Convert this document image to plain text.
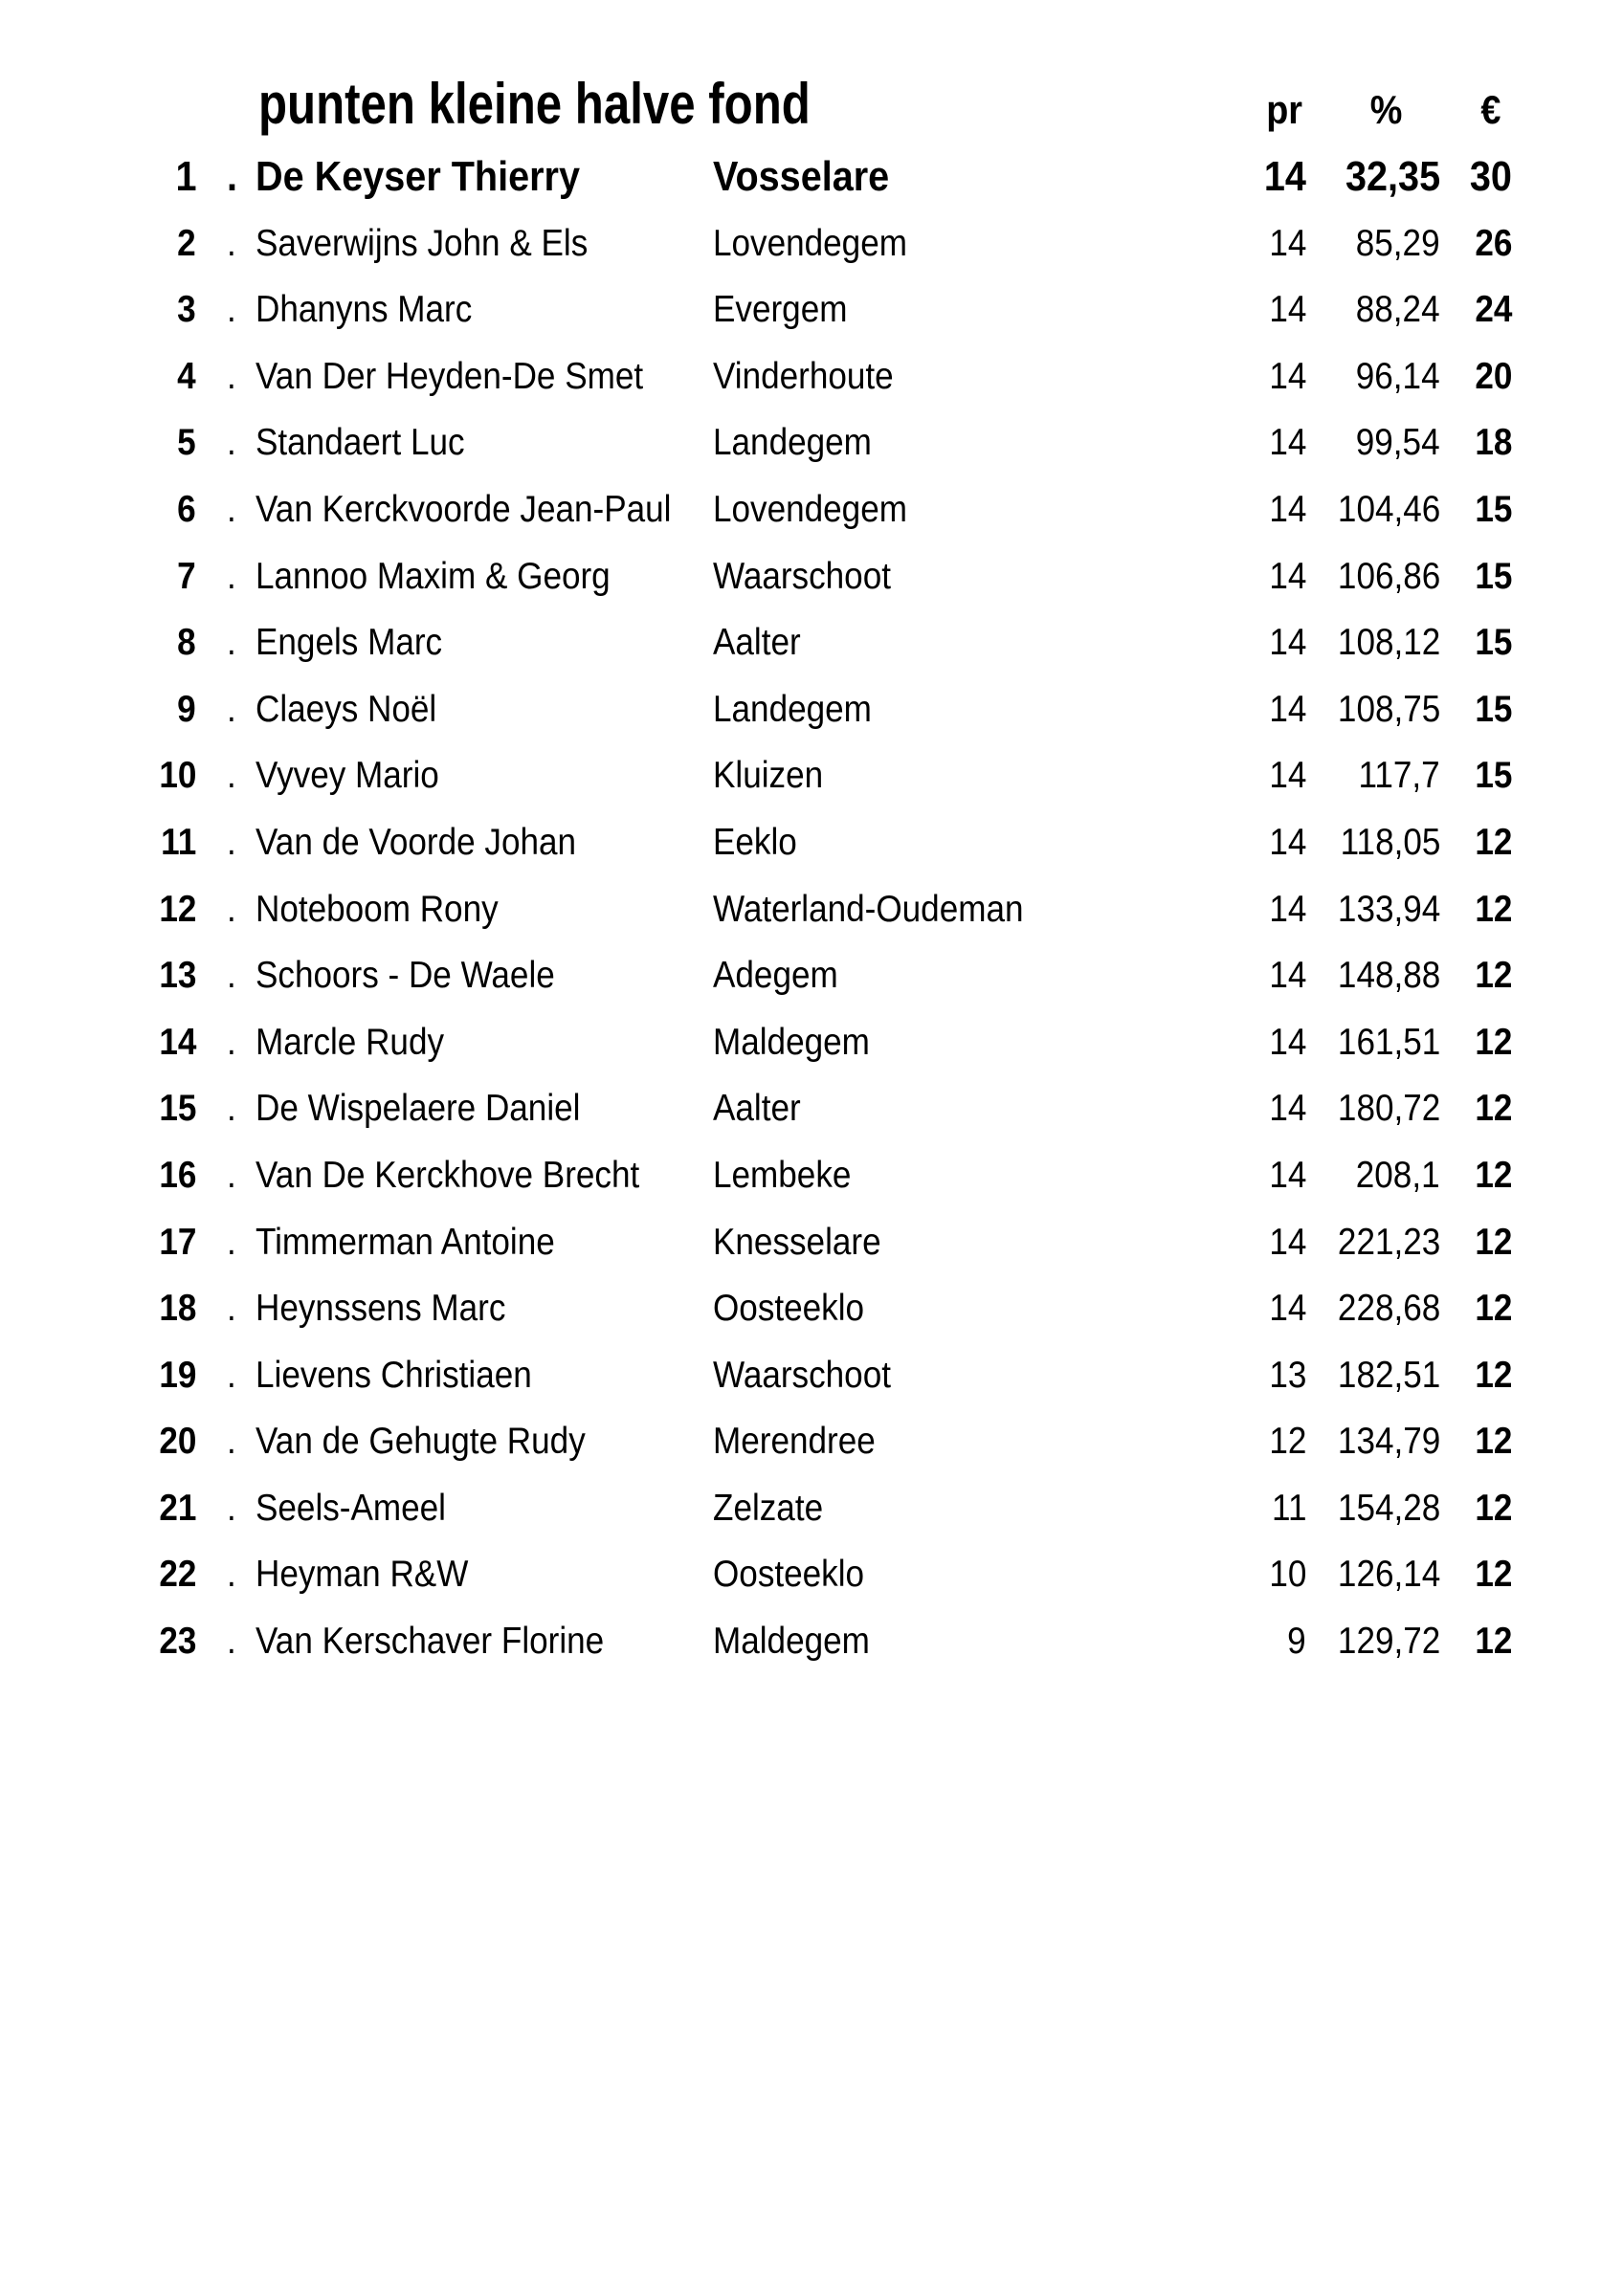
punten kleine halve fond	pr	%	€
1 . De Keyser Thierry	Vosselare	14 32,35 30
2 . Saverwijns John & Els	Lovendegem	14	85,29 26
3 . Dhanyns Marc	Evergem	14	88,24 24
4 . Van Der Heyden-De Smet	Vinderhoute	14	96,14 20
5 . Standaert Luc	Landegem	14	99,54 18
6 . Van Kerckvoorde Jean-Paul	Lovendegem	14 104,46 15
7 . Lannoo Maxim & Georg	Waarschoot	14 106,86 15
8 . Engels Marc	Aalter	14 108,12 15
9 . Claeys Noël	Landegem	14 108,75 15
10 . Vyvey Mario	Kluizen	14	117,7 15
11 . Van de Voorde Johan	Eeklo	14 118,05 12
12 . Noteboom Rony	Waterland-Oudeman	14 133,94 12
13 . Schoors - De Waele	Adegem	14 148,88 12
14 . Marcle Rudy	Maldegem	14 161,51 12
15 . De Wispelaere Daniel	Aalter	14 180,72 12
16 . Van De Kerckhove Brecht	Lembeke	14	208,1 12
17 . Timmerman Antoine	Knesselare	14 221,23 12
18 . Heynssens Marc	Oosteeklo	14 228,68 12
19 . Lievens Christiaen	Waarschoot	13 182,51 12
20 . Van de Gehugte Rudy	Merendree	12 134,79 12
21 . Seels-Ameel	Zelzate	11 154,28 12
22 . Heyman R&W	Oosteeklo	10 126,14 12
23 . Van Kerschaver Florine	Maldegem	9 129,72 12
